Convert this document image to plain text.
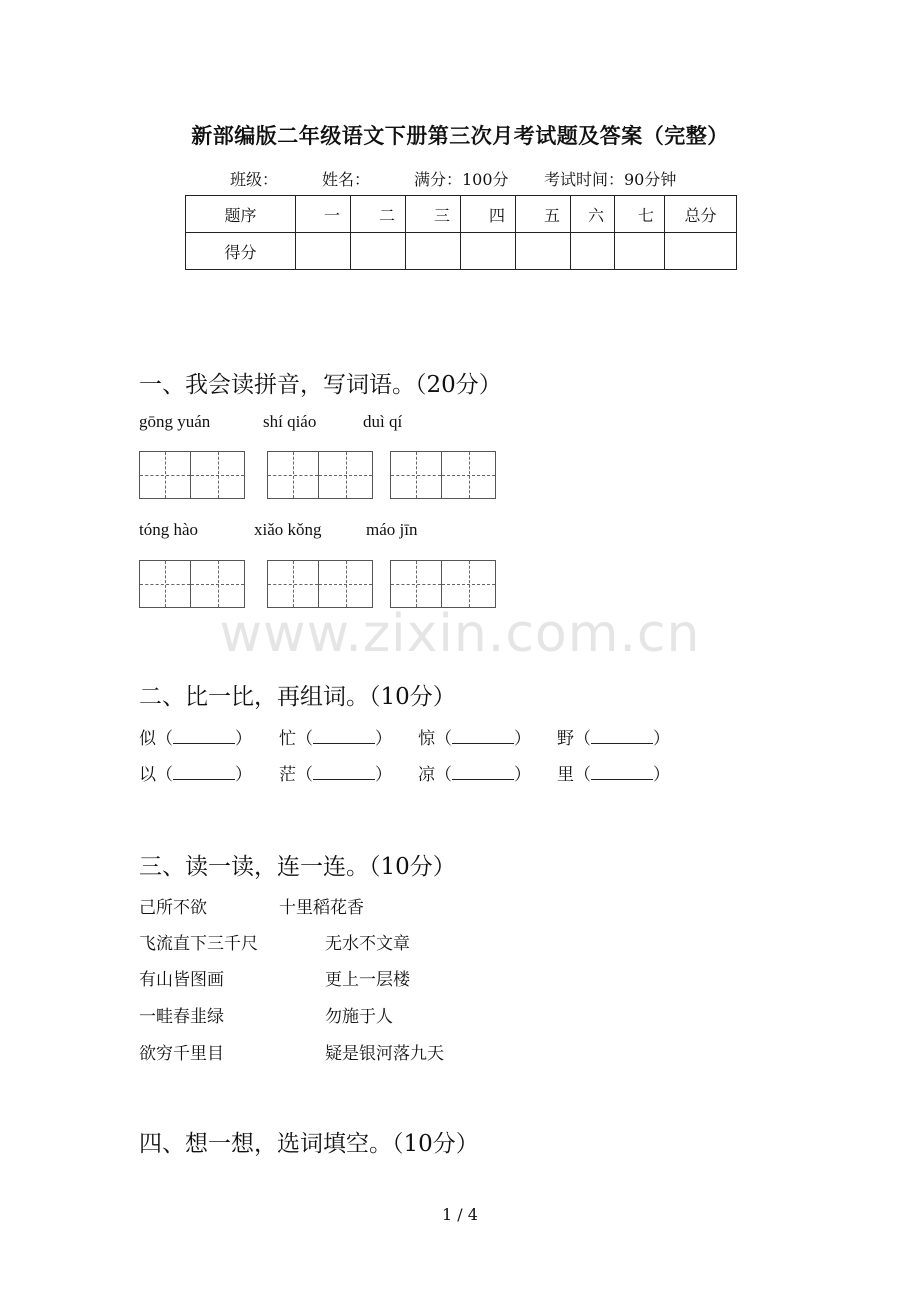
新部编版二年级语文下册第三次月考试题及答案（完整）
班级：	姓名：	满分：100分 考试时间：90分钟
题序	一	二	三	四	五	六	七	总分
得分								
一、我会读拼音，写词语。（20分）
gōng yuán	shí qiáo	duì qí
tóng hào	xiǎo kǒng	máo jīn
www.zixin.com.cn
二、比一比，再组词。（10分）
似（	） 忙（	） 惊（	） 野（	）
以（	） 茫（	） 凉（	） 里（	）
三、读一读，连一连。（10分）
己所不欲	十里稻花香
飞流直下三千尺	无水不文章
有山皆图画	更上一层楼
一畦春韭绿	勿施于人
欲穷千里目	疑是银河落九天
四、想一想，选词填空。（10分）
1 / 4
